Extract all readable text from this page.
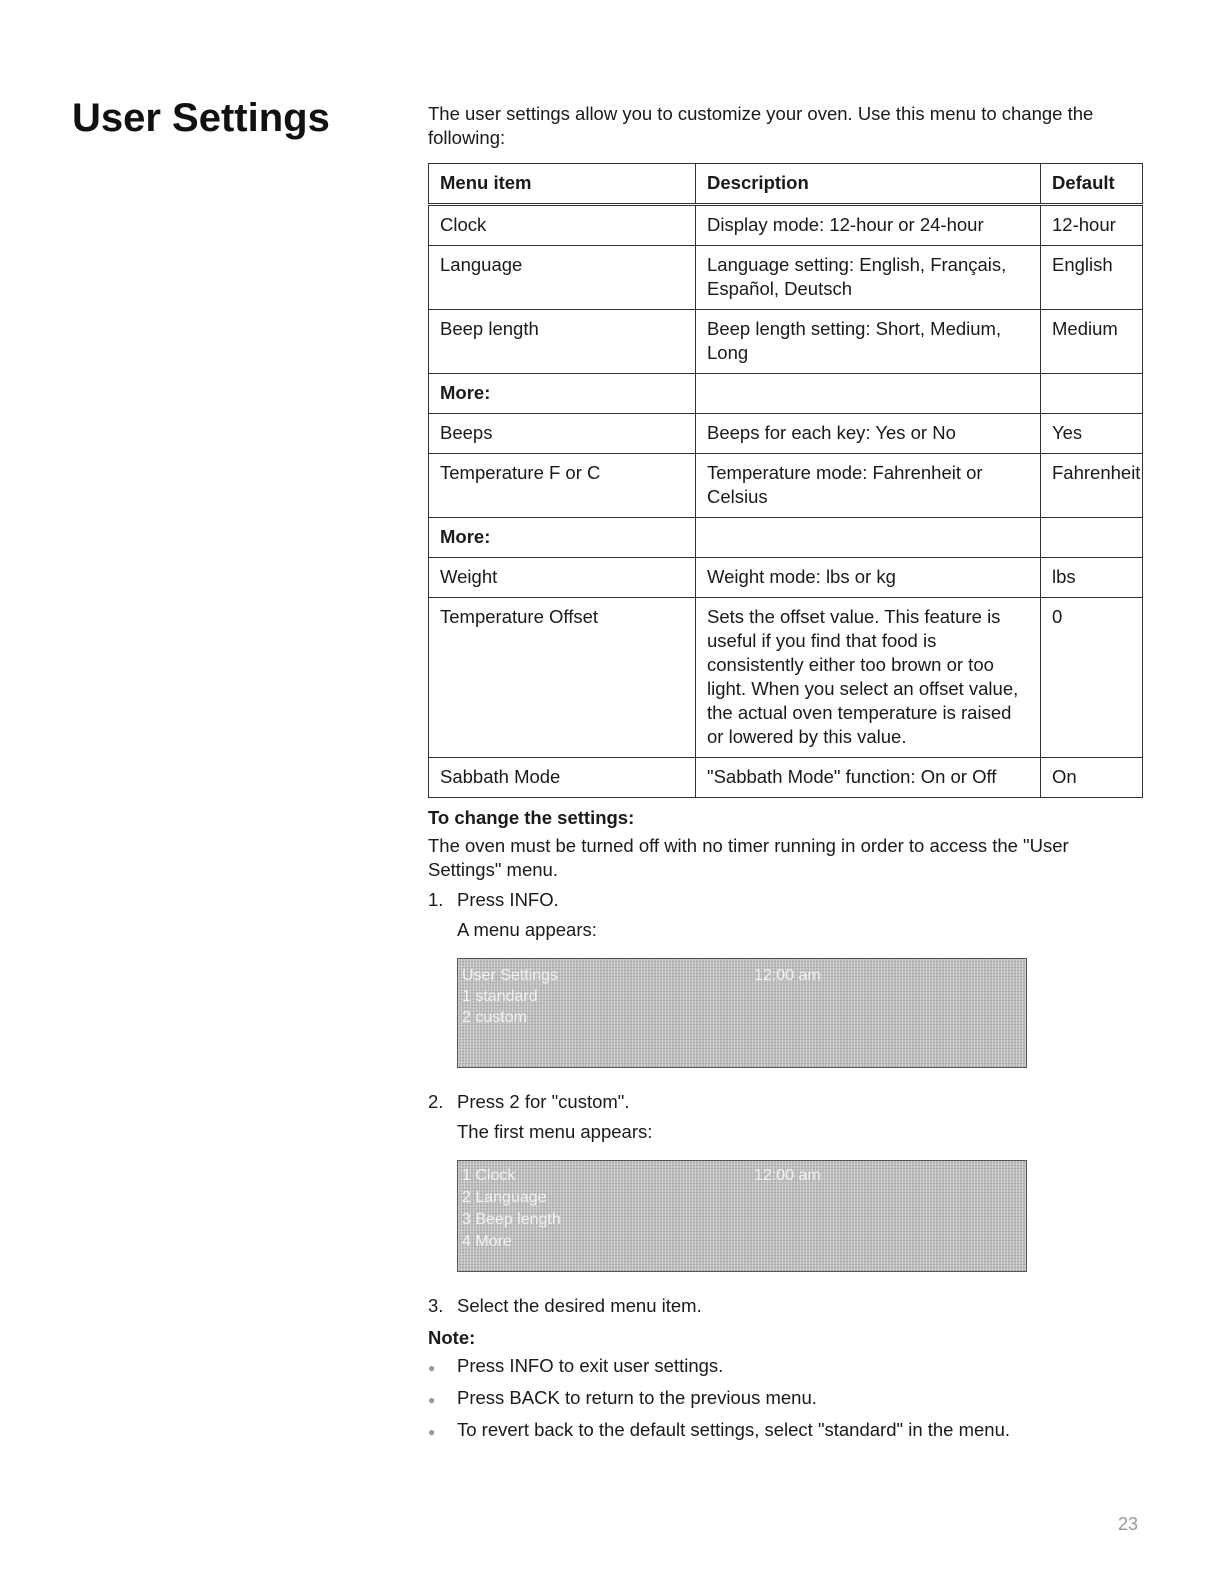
User Settings	The user settings allow you to customize your oven. Use this menu to change the following:

Menu item	Description	Default
Clock	Display mode: 12-hour or 24-hour	12-hour
Language	Language setting: English, Français, Español, Deutsch	English
Beep length	Beep length setting: Short, Medium, Long	Medium
More:		
Beeps	Beeps for each key: Yes or No	Yes
Temperature F or C	Temperature mode: Fahrenheit or Celsius	Fahrenheit
More:		
Weight	Weight mode: lbs or kg	lbs
Temperature Offset	Sets the offset value. This feature is useful if you find that food is consistently either too brown or too light. When you select an offset value, the actual oven temperature is raised or lowered by this value.	0
Sabbath Mode	"Sabbath Mode" function: On or Off	On
To change the settings:

The oven must be turned off with no timer running in order to access the "User Settings" menu.

1. Press INFO.

A menu appears:

User Settings
1 standard
2 custom
12:00 am
2. Press 2 for "custom".

The first menu appears:

1 Clock
2 Language
3 Beep length
4 More
12:00 am
3. Select the desired menu item.
Note:
●	Press INFO to exit user settings.
●	Press BACK to return to the previous menu.
●	To revert back to the default settings, select "standard" in the menu.
23
